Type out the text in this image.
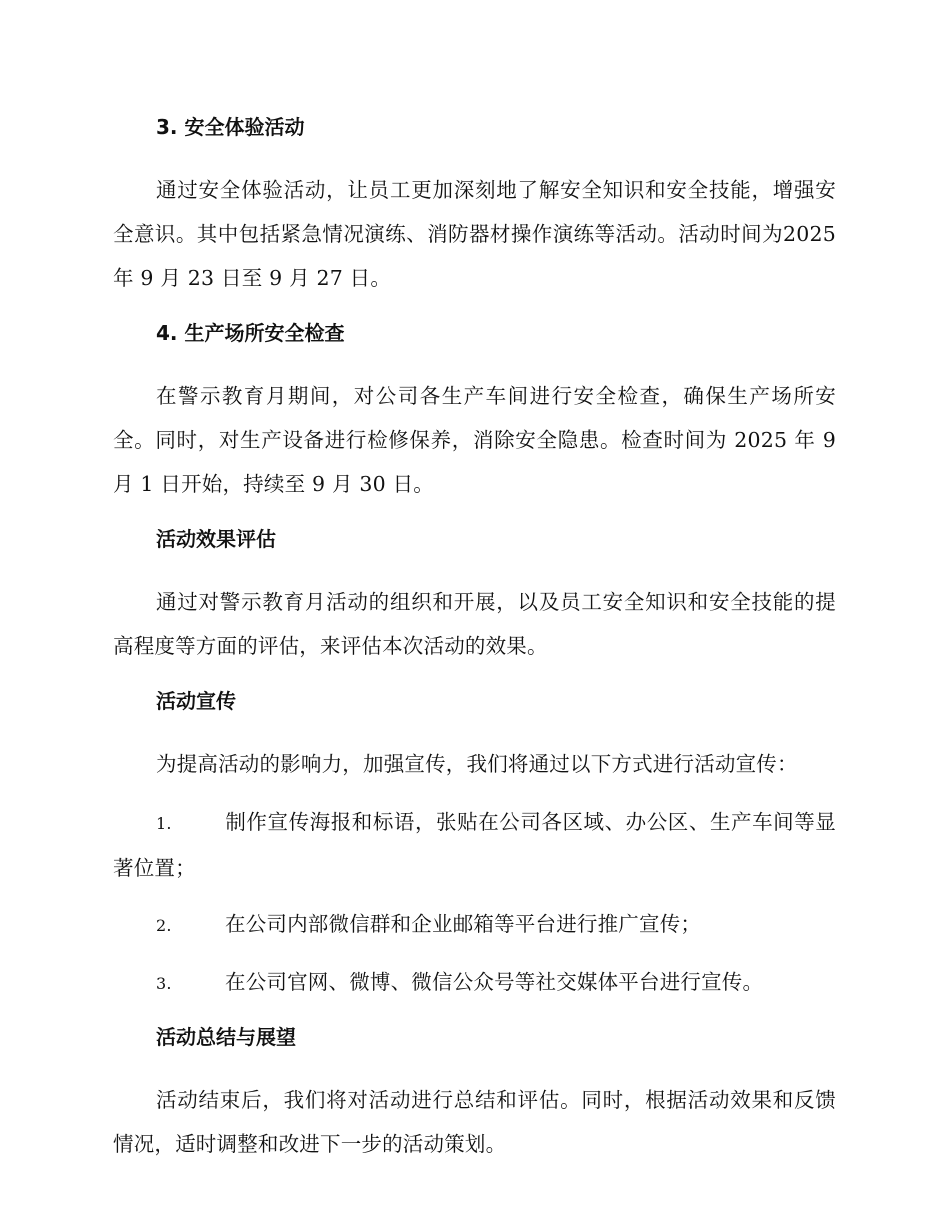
3. 安全体验活动

通过安全体验活动，让员工更加深刻地了解安全知识和安全技能，增强安全意识。其中包括紧急情况演练、消防器材操作演练等活动。活动时间为2025 年 9 月 23 日至 9 月 27 日。

4. 生产场所安全检查

在警示教育月期间，对公司各生产车间进行安全检查，确保生产场所安全。同时，对生产设备进行检修保养，消除安全隐患。检查时间为 2025 年 9月 1 日开始，持续至 9 月 30 日。

活动效果评估

通过对警示教育月活动的组织和开展，以及员工安全知识和安全技能的提高程度等方面的评估，来评估本次活动的效果。

活动宣传

为提高活动的影响力，加强宣传，我们将通过以下方式进行活动宣传：

1.	制作宣传海报和标语，张贴在公司各区域、办公区、生产车间等显著位置；
2.	在公司内部微信群和企业邮箱等平台进行推广宣传；
3.	在公司官网、微博、微信公众号等社交媒体平台进行宣传。
活动总结与展望

活动结束后，我们将对活动进行总结和评估。同时，根据活动效果和反馈情况，适时调整和改进下一步的活动策划。
